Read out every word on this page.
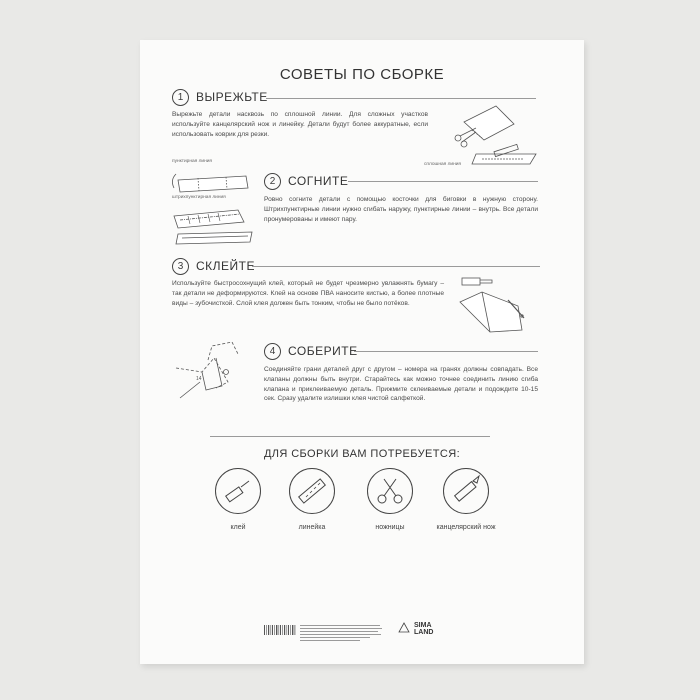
СОВЕТЫ ПО СБОРКЕ
1	ВЫРЕЖЬТЕ
Вырежьте детали насквозь по сплошной линии. Для сложных участков используйте канцелярский нож и линейку. Детали будут более аккуратные, если использовать коврик для резки.
сплошная линия
пунктирная линия
штрихпунктирная линия
2	СОГНИТЕ
Ровно согните детали с помощью косточки для биговки в нужную сторону. Штрихпунктирные линии нужно сгибать наружу, пунктирные линии – внутрь. Все детали пронумерованы и имеют пару.
3	СКЛЕЙТЕ
Используйте быстросохнущий клей, который не будет чрезмерно увлажнять бумагу – так детали не деформируются. Клей на основе ПВА наносите кистью, а более плотные виды – зубочисткой. Слой клея должен быть тонким, чтобы не было потёков.
14
4	СОБЕРИТЕ
Соединяйте грани деталей друг с другом – номера на гранях должны совпадать. Все клапаны должны быть внутри. Старайтесь как можно точнее соединить линию сгиба клапана и приклеиваемую деталь. Прижмите склеиваемые детали и подождите 10-15 сек. Сразу удалите излишки клея чистой салфеткой.
ДЛЯ СБОРКИ ВАМ ПОТРЕБУЕТСЯ:
клей	линейка	ножницы	канцелярский нож
SIMA
LAND
